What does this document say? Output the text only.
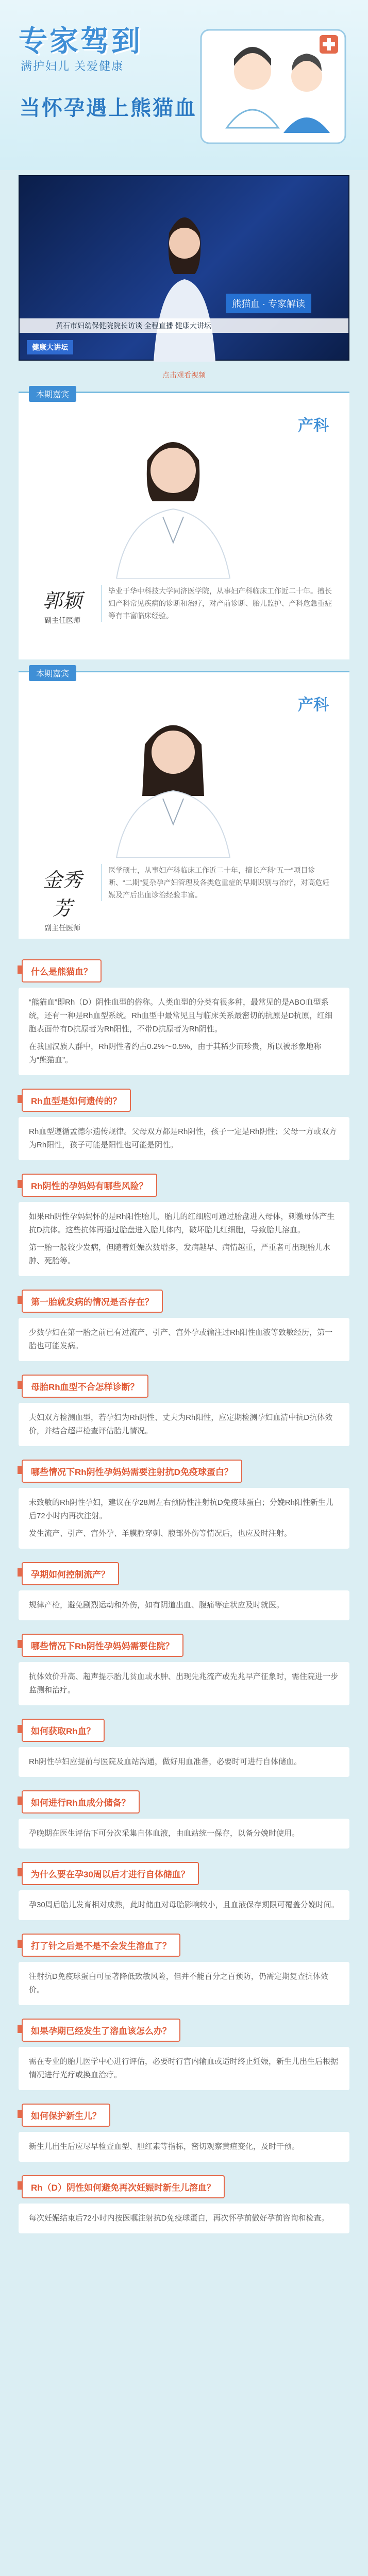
专家驾到
满护妇儿 关爱健康
当怀孕遇上熊猫血
熊猫血 · 专家解读
黄石市妇幼保健院院长访谈 全程直播 健康大讲坛
健康大讲坛
点击观看视频
本期嘉宾
产科
郭颖
副主任医师
毕业于华中科技大学同济医学院，从事妇产科临床工作近二十年。擅长妇产科常见疾病的诊断和治疗，对产前诊断、胎儿监护、产科危急重症等有丰富临床经验。
本期嘉宾
产科
金秀芳
副主任医师
医学硕士，从事妇产科临床工作近二十年，擅长产科“五一”项目诊断、“二期”复杂孕产妇管理及各类危重症的早期识别与治疗，对高危妊娠及产后出血诊治经验丰富。
什么是熊猫血？

“熊猫血”即Rh（D）阴性血型的俗称。人类血型的分类有很多种，最常见的是ABO血型系统，还有一种是Rh血型系统。Rh血型中最常见且与临床关系最密切的抗原是D抗原，红细胞表面带有D抗原者为Rh阳性，不带D抗原者为Rh阴性。

在我国汉族人群中，Rh阴性者约占0.2%～0.5%，由于其稀少而珍贵，所以被形象地称为“熊猫血”。

Rh血型是如何遗传的？

Rh血型遵循孟德尔遗传规律。父母双方都是Rh阴性，孩子一定是Rh阴性；父母一方或双方为Rh阳性，孩子可能是阳性也可能是阴性。

Rh阴性的孕妈妈有哪些风险？

如果Rh阴性孕妈妈怀的是Rh阳性胎儿，胎儿的红细胞可通过胎盘进入母体，刺激母体产生抗D抗体。这些抗体再通过胎盘进入胎儿体内，破坏胎儿红细胞，导致胎儿溶血。

第一胎一般较少发病，但随着妊娠次数增多，发病越早、病情越重，严重者可出现胎儿水肿、死胎等。

第一胎就发病的情况是否存在？

少数孕妇在第一胎之前已有过流产、引产、宫外孕或输注过Rh阳性血液等致敏经历，第一胎也可能发病。

母胎Rh血型不合怎样诊断？

夫妇双方检测血型，若孕妇为Rh阴性、丈夫为Rh阳性，应定期检测孕妇血清中抗D抗体效价，并结合超声检查评估胎儿情况。

哪些情况下Rh阴性孕妈妈需要注射抗D免疫球蛋白？

未致敏的Rh阴性孕妇，建议在孕28周左右预防性注射抗D免疫球蛋白；分娩Rh阳性新生儿后72小时内再次注射。

发生流产、引产、宫外孕、羊膜腔穿刺、腹部外伤等情况后，也应及时注射。

孕期如何控制流产？

规律产检，避免剧烈运动和外伤，如有阴道出血、腹痛等症状应及时就医。

哪些情况下Rh阴性孕妈妈需要住院？

抗体效价升高、超声提示胎儿贫血或水肿、出现先兆流产或先兆早产征象时，需住院进一步监测和治疗。

如何获取Rh血？

Rh阴性孕妇应提前与医院及血站沟通，做好用血准备，必要时可进行自体储血。

如何进行Rh血成分储备？

孕晚期在医生评估下可分次采集自体血液，由血站统一保存，以备分娩时使用。

为什么要在孕30周以后才进行自体储血？

孕30周后胎儿发育相对成熟，此时储血对母胎影响较小，且血液保存期限可覆盖分娩时间。

打了针之后是不是不会发生溶血了？

注射抗D免疫球蛋白可显著降低致敏风险，但并不能百分之百预防，仍需定期复查抗体效价。

如果孕期已经发生了溶血该怎么办？

需在专业的胎儿医学中心进行评估，必要时行宫内输血或适时终止妊娠，新生儿出生后根据情况进行光疗或换血治疗。

如何保护新生儿？

新生儿出生后应尽早检查血型、胆红素等指标，密切观察黄疸变化，及时干预。

Rh（D）阴性如何避免再次妊娠时新生儿溶血？

每次妊娠结束后72小时内按医嘱注射抗D免疫球蛋白，再次怀孕前做好孕前咨询和检查。
